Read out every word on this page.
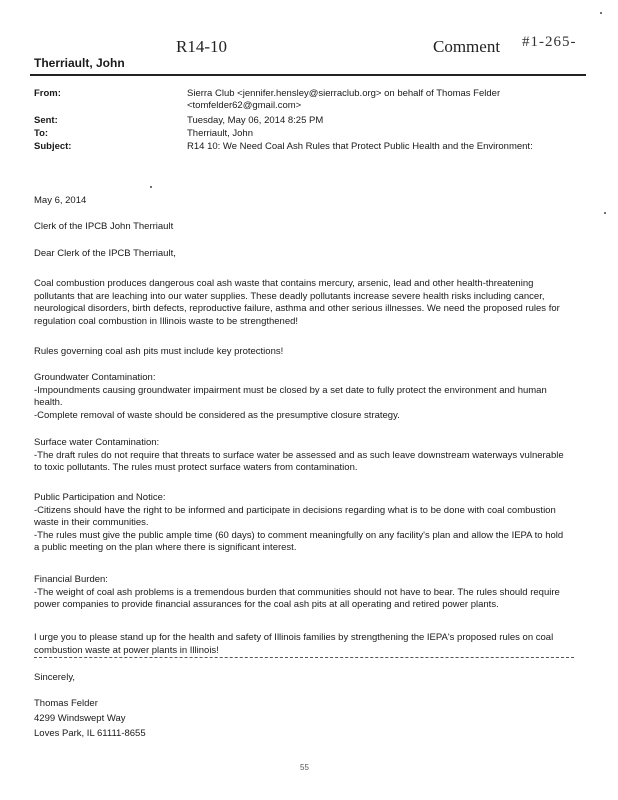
R14-10	Comment #1-265-
Therriault, John
From:	Sierra Club <jennifer.hensley@sierraclub.org> on behalf of Thomas Felder <tomfelder62@gmail.com>
Sent:	Tuesday, May 06, 2014 8:25 PM
To:	Therriault, John
Subject:	R14 10: We Need Coal Ash Rules that Protect Public Health and the Environment:
May 6, 2014
Clerk of the IPCB John Therriault
Dear Clerk of the IPCB Therriault,
Coal combustion produces dangerous coal ash waste that contains mercury, arsenic, lead and other health-threatening pollutants that are leaching into our water supplies. These deadly pollutants increase severe health risks including cancer, neurological disorders, birth defects, reproductive failure, asthma and other serious illnesses. We need the proposed rules for regulation coal combustion in Illinois waste to be strengthened!
Rules governing coal ash pits must include key protections!

Groundwater Contamination:

-Impoundments causing groundwater impairment must be closed by a set date to fully protect the environment and human health.

-Complete removal of waste should be considered as the presumptive closure strategy.

Surface water Contamination:

-The draft rules do not require that threats to surface water be assessed and as such leave downstream waterways vulnerable to toxic pollutants. The rules must protect surface waters from contamination.

Public Participation and Notice:

-Citizens should have the right to be informed and participate in decisions regarding what is to be done with coal combustion waste in their communities.

-The rules must give the public ample time (60 days) to comment meaningfully on any facility's plan and allow the IEPA to hold a public meeting on the plan where there is significant interest.

Financial Burden:

-The weight of coal ash problems is a tremendous burden that communities should not have to bear. The rules should require power companies to provide financial assurances for the coal ash pits at all operating and retired power plants.

I urge you to please stand up for the health and safety of Illinois families by strengthening the IEPA's proposed rules on coal combustion waste at power plants in Illinois!
Sincerely,
Thomas Felder
4299 Windswept Way
Loves Park, IL 61111-8655
55
